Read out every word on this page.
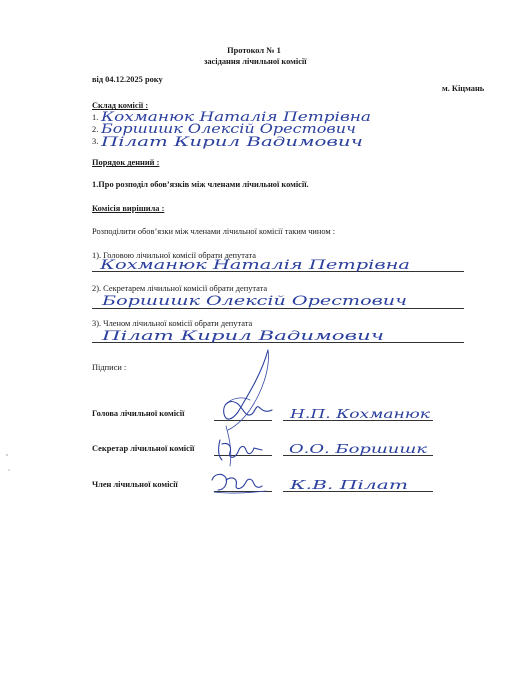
Протокол № 1
засідання лічильної комісії
від 04.12.2025 року
м. Кіцмань
Склад комісії :
1.
2.
3.
Порядок денний :
1.Про розподіл обов’язків між членами лічильної комісії.
Комісія вирішила :
Розподілити обов’язки між членами лічильної комісії таким чином :
1). Головою лічильної комісії обрати депутата
2). Секретарем лічильної комісії обрати депутата
3). Членом лічильної комісії обрати депутата
Підписи :
Голова лічильної комісії
Секретар лічильної комісії
Член лічильної комісії
Кохманюк Наталія Петрівна
Боршишк Олексій Орестович
Пілат Кирил Вадимович
Кохманюк Наталія Петрівна
Боршишк Олексій Орестович
Пілат Кирил Вадимович
Н.П. Кохманюк
О.О. Боршишк
К.В. Пілат
